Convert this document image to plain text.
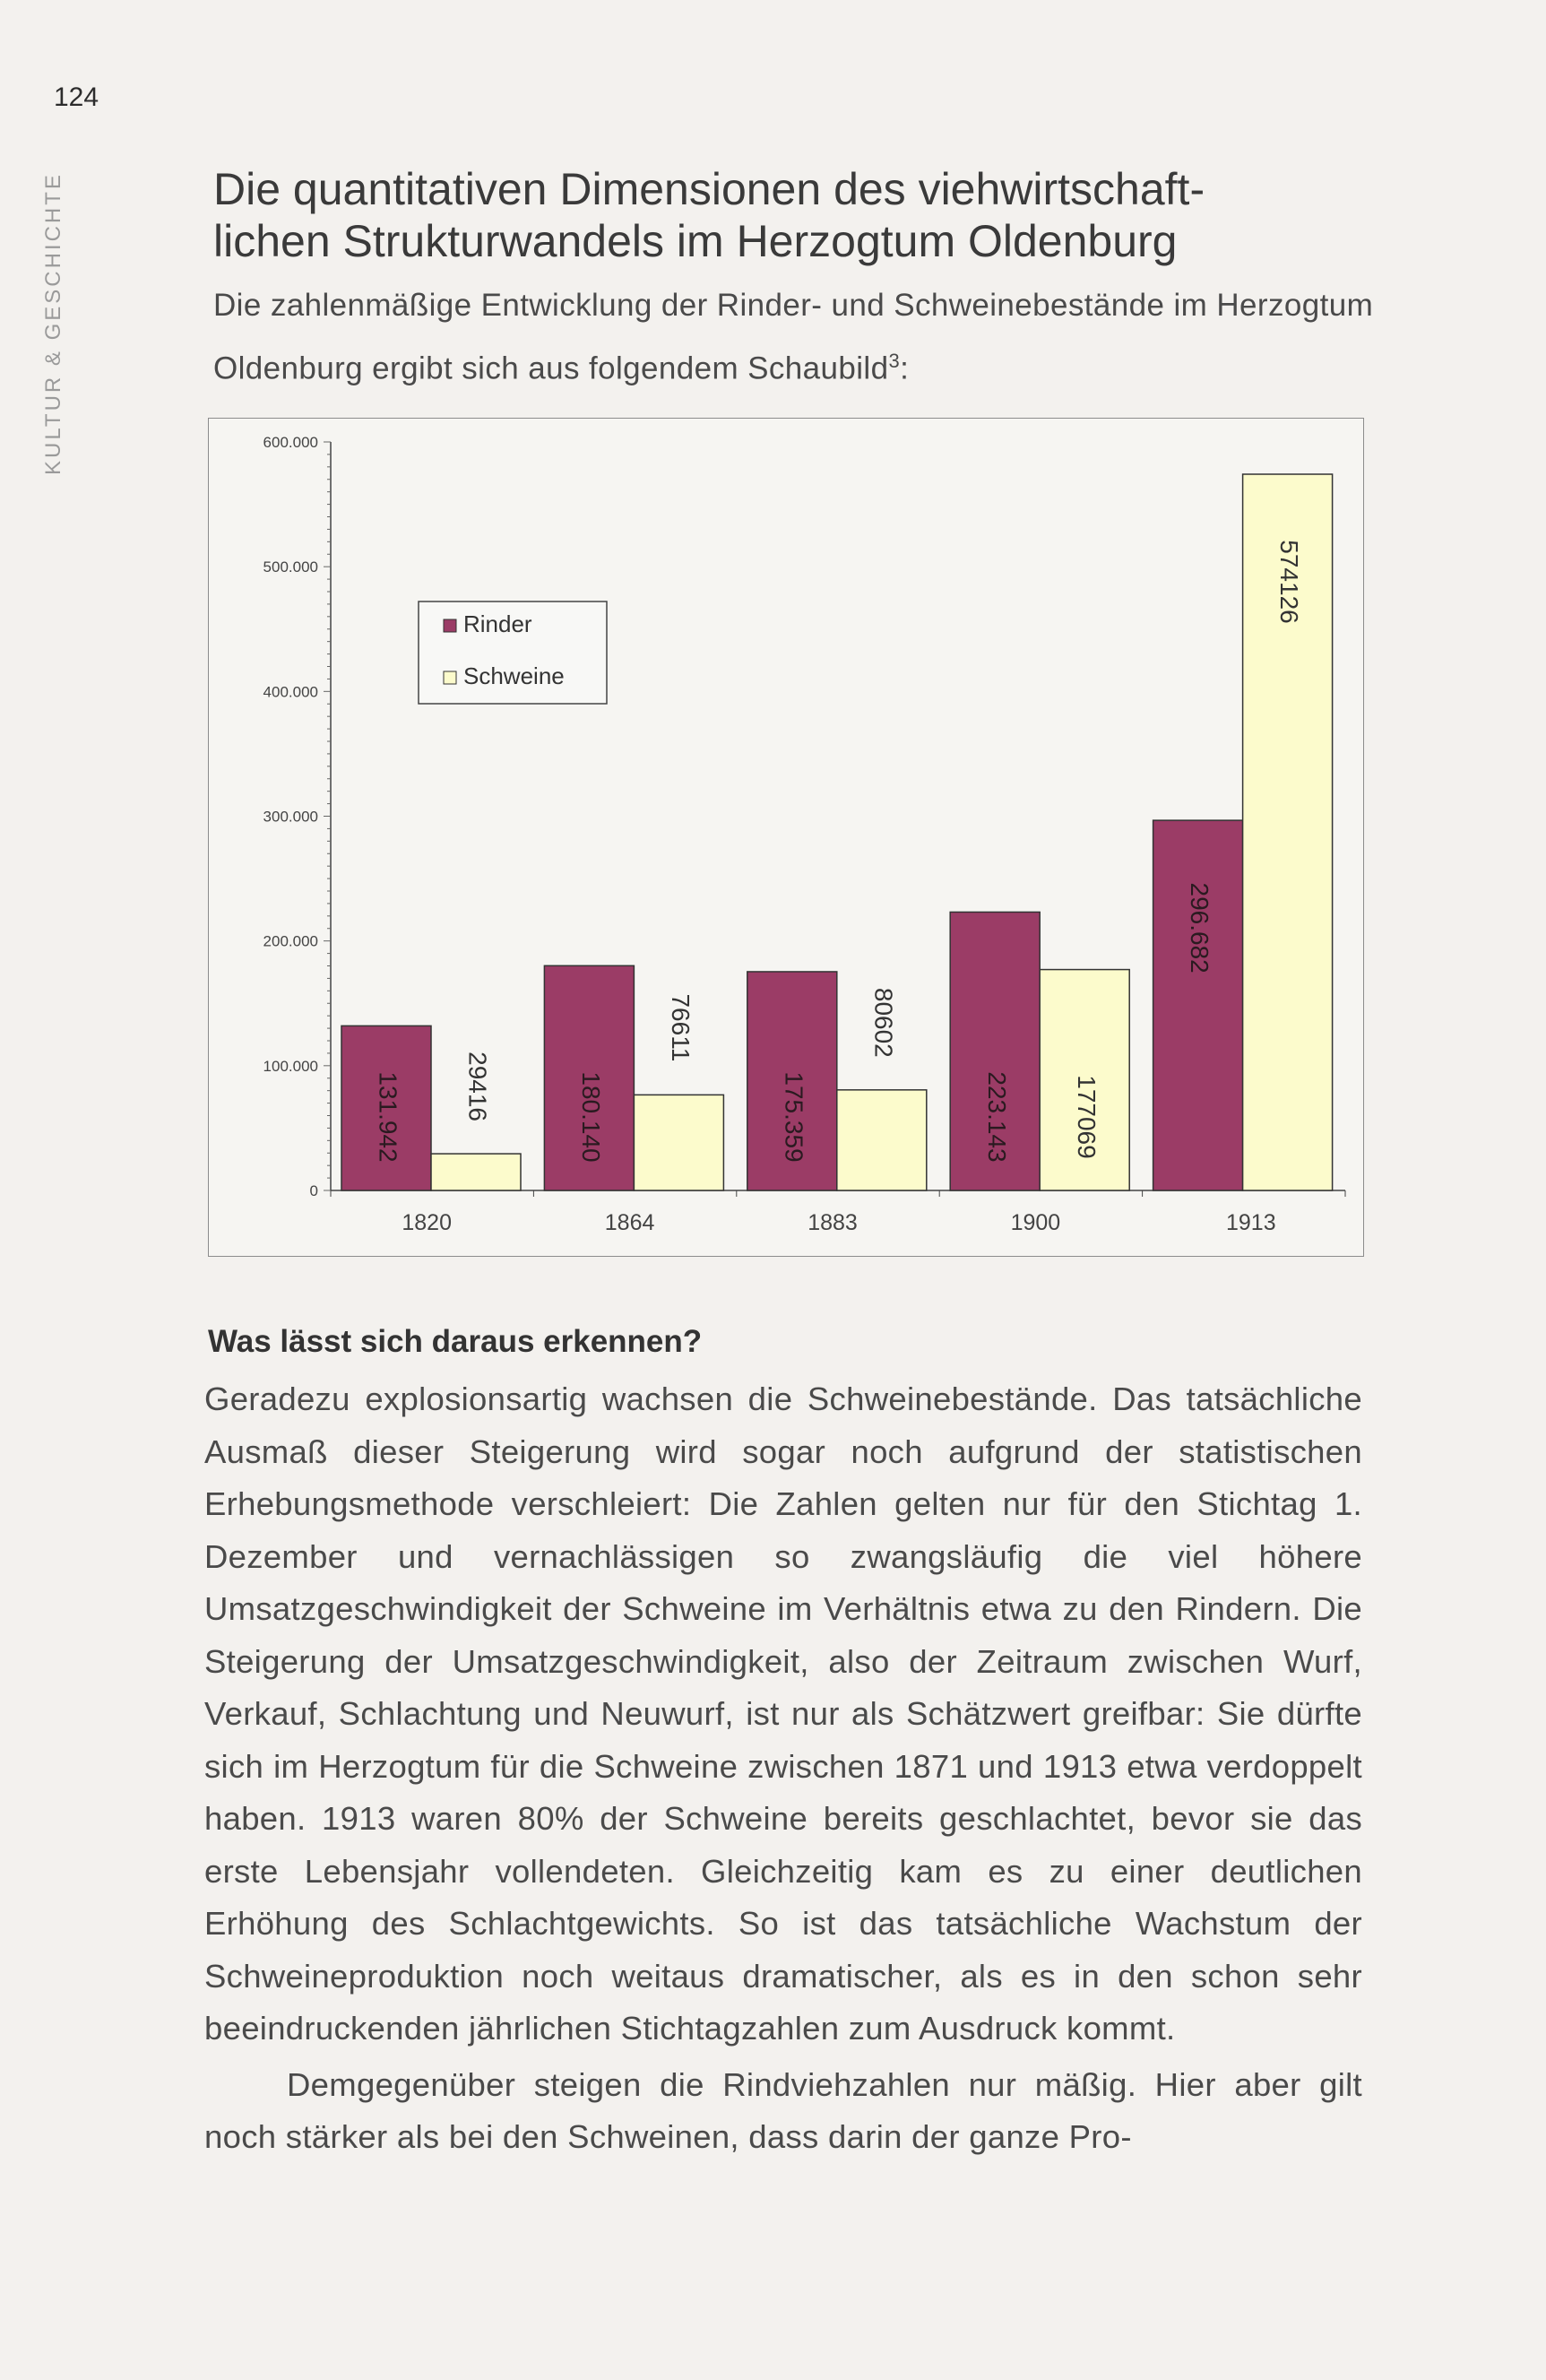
124
KULTUR & GESCHICHTE	Die quantitativen Dimensionen des viehwirtschaft-
lichen Strukturwandels im Herzogtum Oldenburg

Die zahlenmäßige Entwicklung der Rinder- und Schweinebestände im Herzogtum Oldenburg ergibt sich aus folgendem Schaubild$^3$:

0
100.000
200.000
300.000
400.000
500.000
600.000
131.942 29416
1820
180.140
76611
1864
175.359
80602
1883
223.143 177069
1900
296.682
574126
1913
Rinder
Schweine
Was lässt sich daraus erkennen?

Geradezu explosionsartig wachsen die Schweinebestände. Das tatsächliche Ausmaß dieser Steigerung wird sogar noch aufgrund der statistischen Erhebungsmethode verschleiert: Die Zahlen gelten nur für den Stichtag 1. Dezember und vernachlässigen so zwangsläufig die viel höhere Umsatzgeschwindigkeit der Schweine im Verhältnis etwa zu den Rindern. Die Steigerung der Umsatzgeschwindigkeit, also der Zeitraum zwischen Wurf, Verkauf, Schlachtung und Neuwurf, ist nur als Schätzwert greifbar: Sie dürfte sich im Herzogtum für die Schweine zwischen 1871 und 1913 etwa verdoppelt haben. 1913 waren 80% der Schweine bereits geschlachtet, bevor sie das erste Lebensjahr vollendeten. Gleichzeitig kam es zu einer deutlichen Erhöhung des Schlachtgewichts. So ist das tatsächliche Wachstum der Schweineproduktion noch weitaus dramatischer, als es in den schon sehr beeindruckenden jährlichen Stichtagzahlen zum Ausdruck kommt.

Demgegenüber steigen die Rindviehzahlen nur mäßig. Hier aber gilt noch stärker als bei den Schweinen, dass darin der ganze Pro-
